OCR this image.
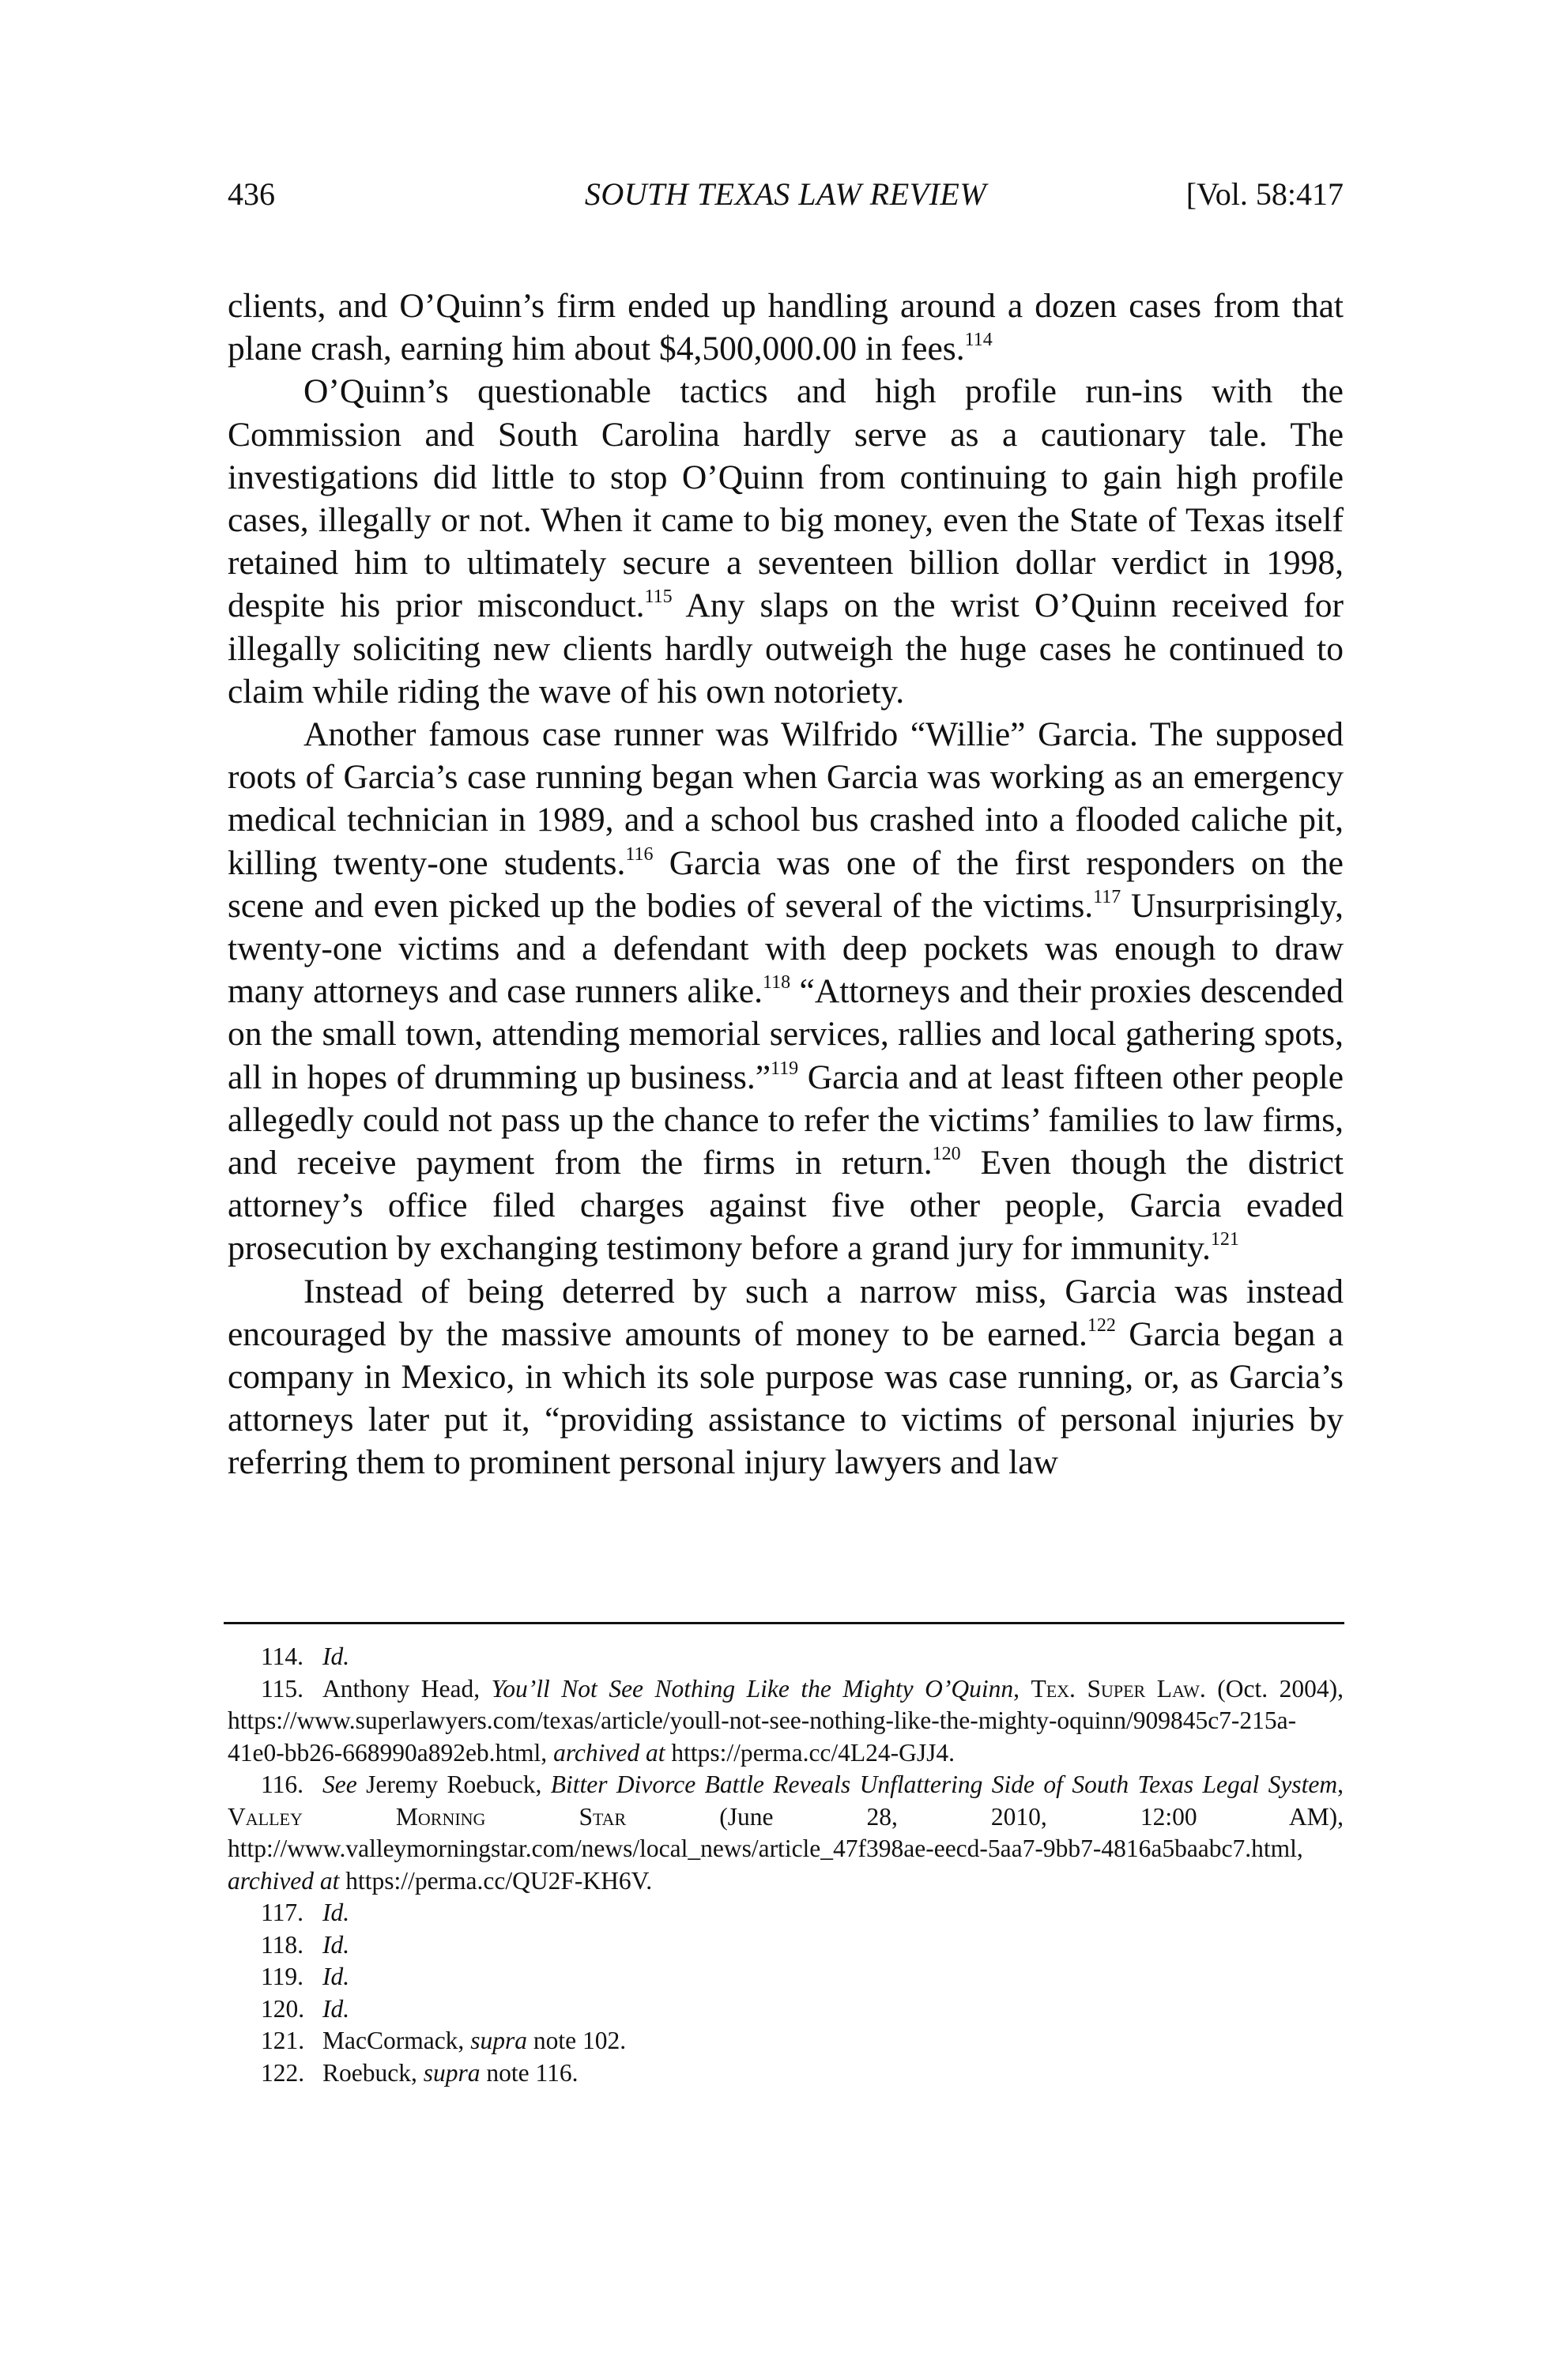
436	SOUTH TEXAS LAW REVIEW	[Vol. 58:417

clients, and O’Quinn’s firm ended up handling around a dozen cases from that plane crash, earning him about $4,500,000.00 in fees.$^{114}$

O’Quinn’s questionable tactics and high profile run-ins with the Commission and South Carolina hardly serve as a cautionary tale. The investigations did little to stop O’Quinn from continuing to gain high profile cases, illegally or not. When it came to big money, even the State of Texas itself retained him to ultimately secure a seventeen billion dollar verdict in 1998, despite his prior misconduct.$^{115}$ Any slaps on the wrist O’Quinn received for illegally soliciting new clients hardly outweigh the huge cases he continued to claim while riding the wave of his own notoriety.

Another famous case runner was Wilfrido “Willie” Garcia. The supposed roots of Garcia’s case running began when Garcia was working as an emergency medical technician in 1989, and a school bus crashed into a flooded caliche pit, killing twenty-one students.$^{116}$ Garcia was one of the first responders on the scene and even picked up the bodies of several of the victims.$^{117}$ Unsurprisingly, twenty-one victims and a defendant with deep pockets was enough to draw many attorneys and case runners alike.$^{118}$ “Attorneys and their proxies descended on the small town, attending memorial services, rallies and local gathering spots, all in hopes of drumming up business.”$^{119}$ Garcia and at least fifteen other people allegedly could not pass up the chance to refer the victims’ families to law firms, and receive payment from the firms in return.$^{120}$ Even though the district attorney’s office filed charges against five other people, Garcia evaded prosecution by exchanging testimony before a grand jury for immunity.$^{121}$

Instead of being deterred by such a narrow miss, Garcia was instead encouraged by the massive amounts of money to be earned.$^{122}$ Garcia began a company in Mexico, in which its sole purpose was case running, or, as Garcia’s attorneys later put it, “providing assistance to victims of personal injuries by referring them to prominent personal injury lawyers and law

114. Id.

115. Anthony Head, You’ll Not See Nothing Like the Mighty O’Quinn, Tex. Super Law. (Oct. 2004), https://www.superlawyers.com/texas/article/youll-not-see-nothing-like-the-mighty-oquinn/909845c7-215a-41e0-bb26-668990a892eb.html, archived at https://perma.cc/4L24-GJJ4.

116. See Jeremy Roebuck, Bitter Divorce Battle Reveals Unflattering Side of South Texas Legal System, Valley Morning Star (June 28, 2010, 12:00 AM), http://www.valleymorningstar.com/news/local_news/article_47f398ae-eecd-5aa7-9bb7-4816a5baabc7.html, archived at https://perma.cc/QU2F-KH6V.

117. Id.

118. Id.

119. Id.

120. Id.

121. MacCormack, supra note 102.

122. Roebuck, supra note 116.
